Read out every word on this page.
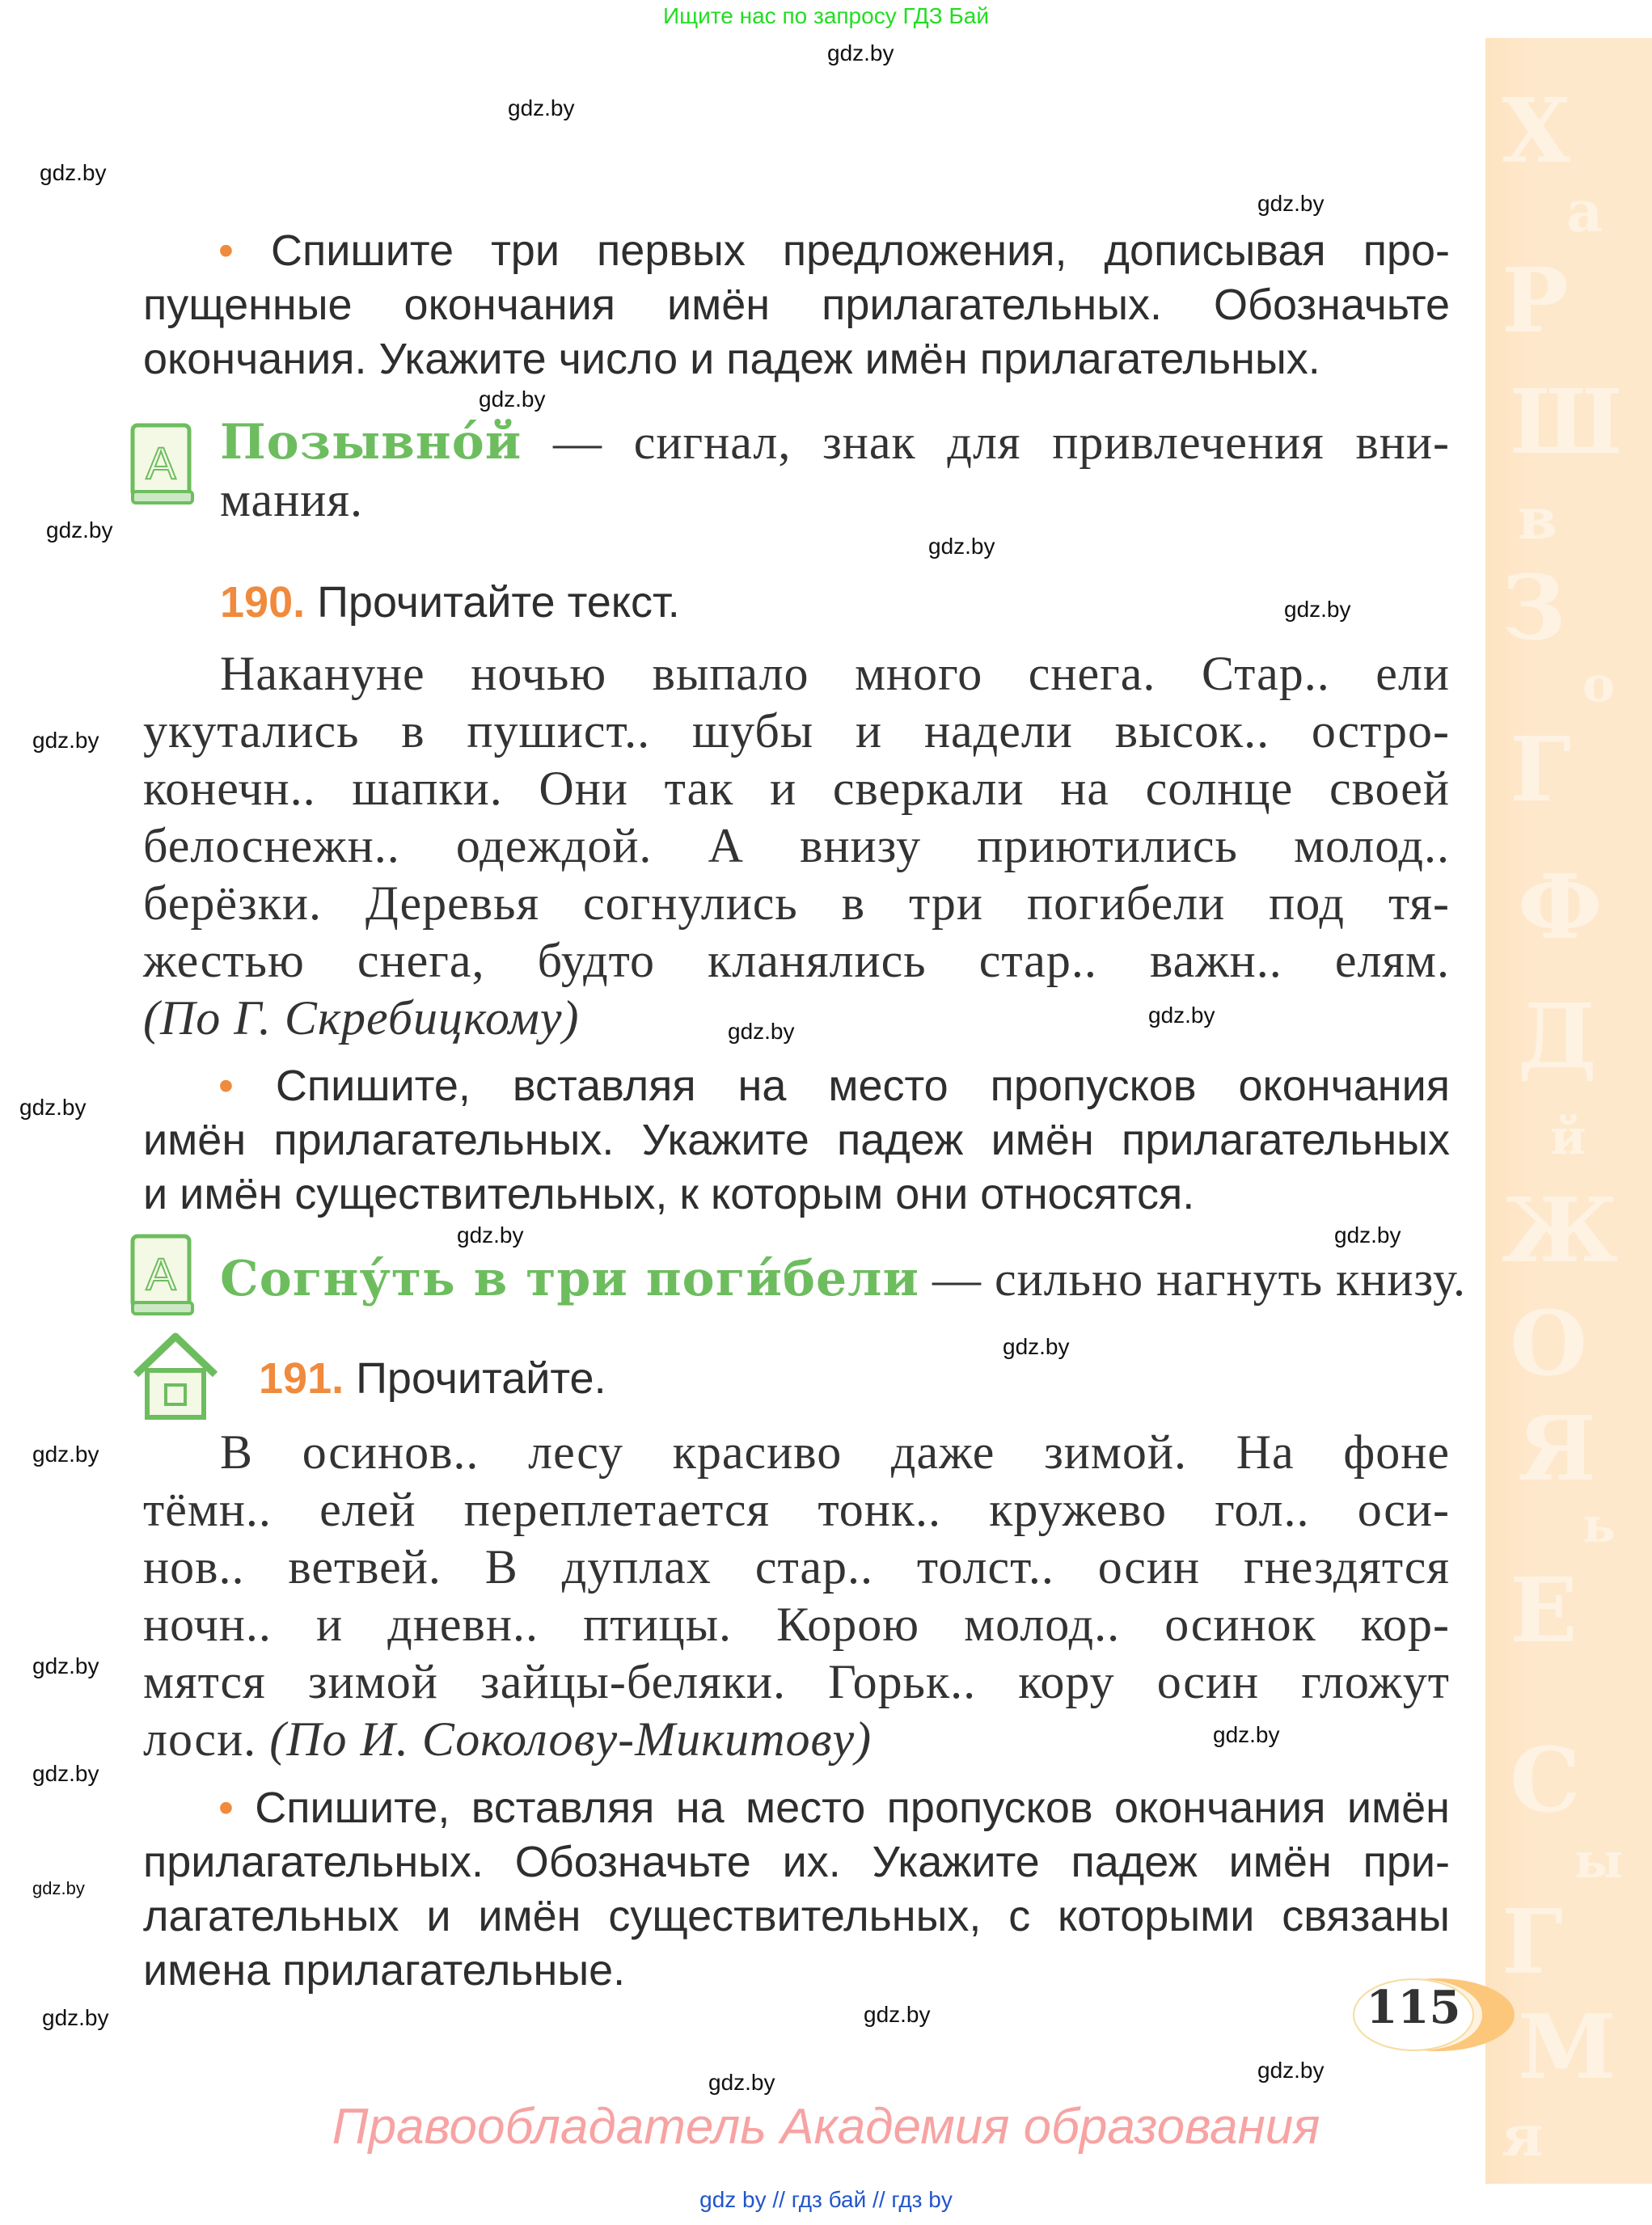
Ищите нас по запросу ГДЗ Бай
Х
а
Р
Ш
в
З
о
Г
Ф
Д
й
Ж
О
Я
ь
Е
С
ы
Г
М
я
• Спишите три первых предложения, дописывая про-
пущенные окончания имён прилагательных. Обозначьте
окончания. Укажите число и падеж имён прилагательных.
A Позывно́й — сигнал, знак для привлечения вни-
мания.
190. Прочитайте текст.
Накануне ночью выпало много снега. Стар.. ели
укутались в пушист.. шубы и надели высок.. остро-
конечн.. шапки. Они так и сверкали на солнце своей
белоснежн.. одеждой. А внизу приютились молод..
берёзки. Деревья согнулись в три погибели под тя-
жестью снега, будто кланялись стар.. важн.. елям.
(По Г. Скребицкому)
• Спишите, вставляя на место пропусков окончания
имён прилагательных. Укажите падеж имён прилагательных
и имён существительных, к которым они относятся.
A Согну́ть в три поги́бели — сильно нагнуть книзу.
191. Прочитайте.
В осинов.. лесу красиво даже зимой. На фоне
тёмн.. елей переплетается тонк.. кружево гол.. оси-
нов.. ветвей. В дуплах стар.. толст.. осин гнездятся
ночн.. и дневн.. птицы. Корою молод.. осинок кор-
мятся зимой зайцы-беляки. Горьк.. кору осин гложут
лоси. (По И. Соколову-Микитову)
• Спишите, вставляя на место пропусков окончания имён
прилагательных. Обозначьте их. Укажите падеж имён при-
лагательных и имён существительных, с которыми связаны
имена прилагательные.
115
Правообладатель Академия образования
gdz by // гдз бай // гдз by
gdz.by
gdz.by
gdz.by
gdz.by
gdz.by
gdz.by
gdz.by
gdz.by
gdz.by
gdz.by
gdz.by
gdz.by
gdz.by
gdz.by
gdz.by
gdz.by
gdz.by
gdz.by
gdz.by
gdz.by
gdz.by
gdz.by
gdz.by
gdz.by
